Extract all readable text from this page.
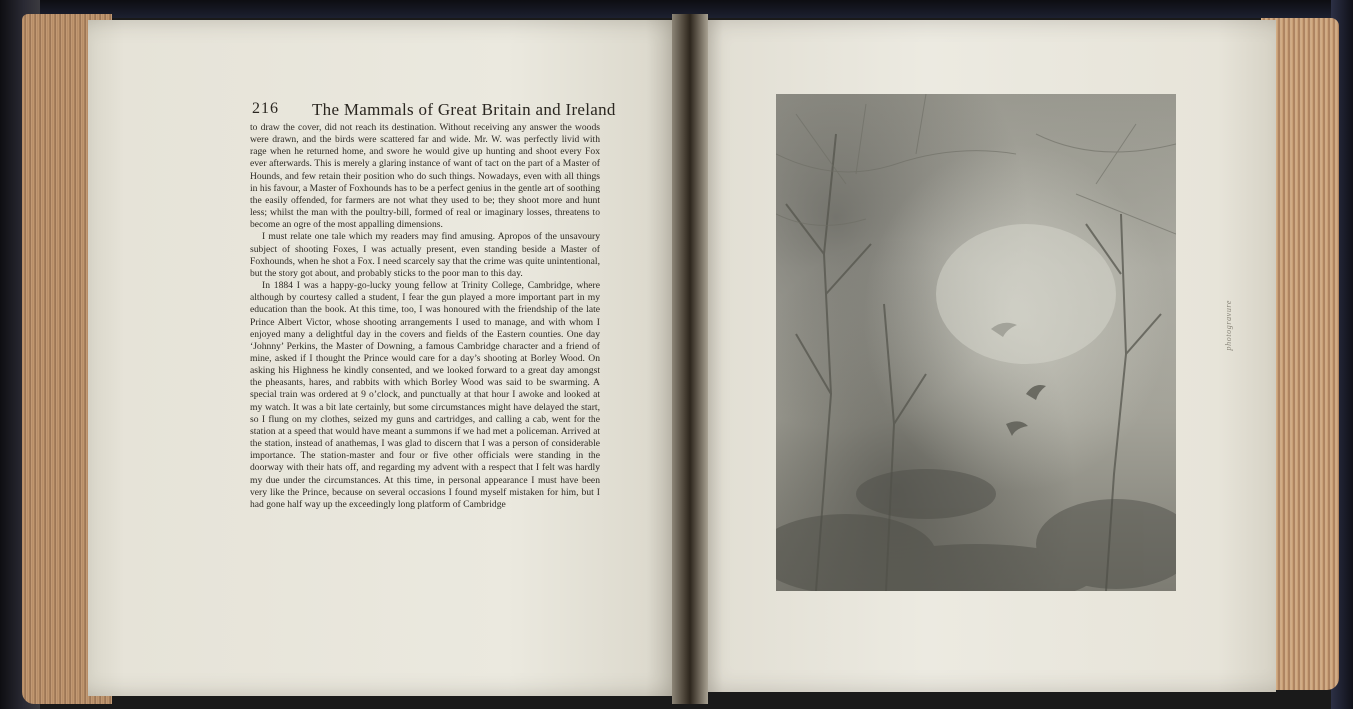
216 The Mammals of Great Britain and Ireland

to draw the cover, did not reach its destination. Without receiving any answer the woods were drawn, and the birds were scattered far and wide. Mr. W. was perfectly livid with rage when he returned home, and swore he would give up hunting and shoot every Fox ever afterwards. This is merely a glaring instance of want of tact on the part of a Master of Hounds, and few retain their position who do such things. Nowadays, even with all things in his favour, a Master of Foxhounds has to be a perfect genius in the gentle art of soothing the easily offended, for farmers are not what they used to be; they shoot more and hunt less; whilst the man with the poultry-bill, formed of real or imaginary losses, threatens to become an ogre of the most appalling dimensions.

I must relate one tale which my readers may find amusing. Apropos of the unsavoury subject of shooting Foxes, I was actually present, even standing beside a Master of Foxhounds, when he shot a Fox. I need scarcely say that the crime was quite unintentional, but the story got about, and probably sticks to the poor man to this day.

In 1884 I was a happy-go-lucky young fellow at Trinity College, Cambridge, where although by courtesy called a student, I fear the gun played a more important part in my education than the book. At this time, too, I was honoured with the friendship of the late Prince Albert Victor, whose shooting arrangements I used to manage, and with whom I enjoyed many a delightful day in the covers and fields of the Eastern counties. One day ‘Johnny’ Perkins, the Master of Downing, a famous Cambridge character and a friend of mine, asked if I thought the Prince would care for a day’s shooting at Borley Wood. On asking his Highness he kindly consented, and we looked forward to a great day amongst the pheasants, hares, and rabbits with which Borley Wood was said to be swarming. A special train was ordered at 9 o’clock, and punctually at that hour I awoke and looked at my watch. It was a bit late certainly, but some circumstances might have delayed the start, so I flung on my clothes, seized my guns and cartridges, and calling a cab, went for the station at a speed that would have meant a summons if we had met a policeman. Arrived at the station, instead of anathemas, I was glad to discern that I was a person of considerable importance. The station-master and four or five other officials were standing in the doorway with their hats off, and regarding my advent with a respect that I felt was hardly my due under the circumstances. At this time, in personal appearance I must have been very like the Prince, because on several occasions I found myself mistaken for him, but I had gone half way up the exceedingly long platform of Cambridge

photogravure
